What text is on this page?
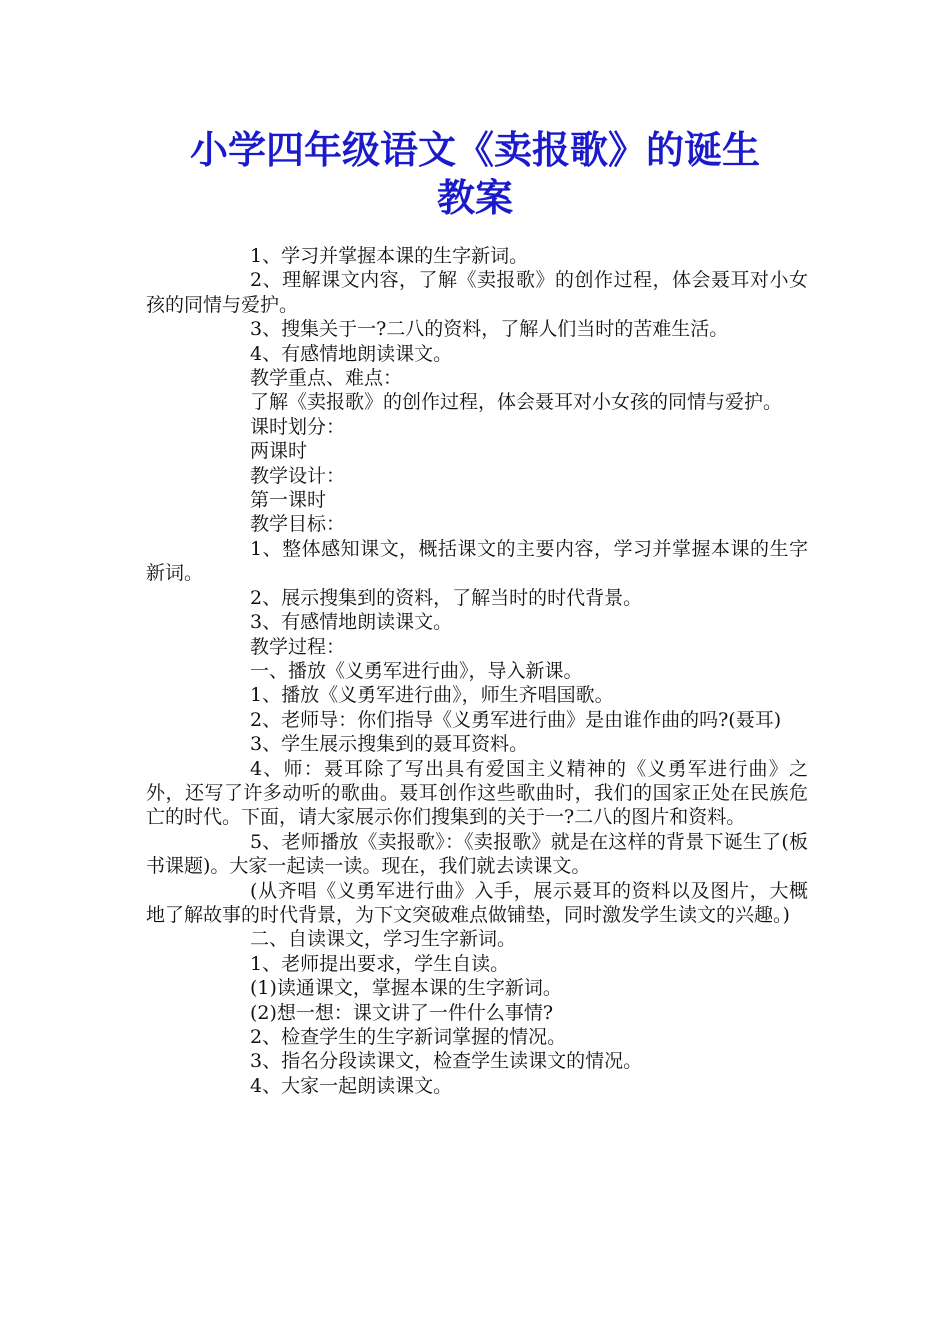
小学四年级语文《卖报歌》的诞生
教案

1、学习并掌握本课的生字新词。

2、理解课文内容，了解《卖报歌》的创作过程，体会聂耳对小女孩的同情与爱护。

3、搜集关于一?二八的资料，了解人们当时的苦难生活。

4、有感情地朗读课文。

教学重点、难点：

了解《卖报歌》的创作过程，体会聂耳对小女孩的同情与爱护。

课时划分：

两课时

教学设计：

第一课时

教学目标：

1、整体感知课文，概括课文的主要内容，学习并掌握本课的生字新词。

2、展示搜集到的资料，了解当时的时代背景。

3、有感情地朗读课文。

教学过程：

一、播放《义勇军进行曲》，导入新课。

1、播放《义勇军进行曲》，师生齐唱国歌。

2、老师导：你们指导《义勇军进行曲》是由谁作曲的吗?(聂耳)

3、学生展示搜集到的聂耳资料。

4、师：聂耳除了写出具有爱国主义精神的《义勇军进行曲》之外，还写了许多动听的歌曲。聂耳创作这些歌曲时，我们的国家正处在民族危亡的时代。下面，请大家展示你们搜集到的关于一?二八的图片和资料。

5、老师播放《卖报歌》：《卖报歌》就是在这样的背景下诞生了(板书课题)。大家一起读一读。现在，我们就去读课文。

(从齐唱《义勇军进行曲》入手，展示聂耳的资料以及图片，大概地了解故事的时代背景，为下文突破难点做铺垫，同时激发学生读文的兴趣。)

二、自读课文，学习生字新词。

1、老师提出要求，学生自读。

(1)读通课文，掌握本课的生字新词。

(2)想一想：课文讲了一件什么事情?

2、检查学生的生字新词掌握的情况。

3、指名分段读课文，检查学生读课文的情况。

4、大家一起朗读课文。
